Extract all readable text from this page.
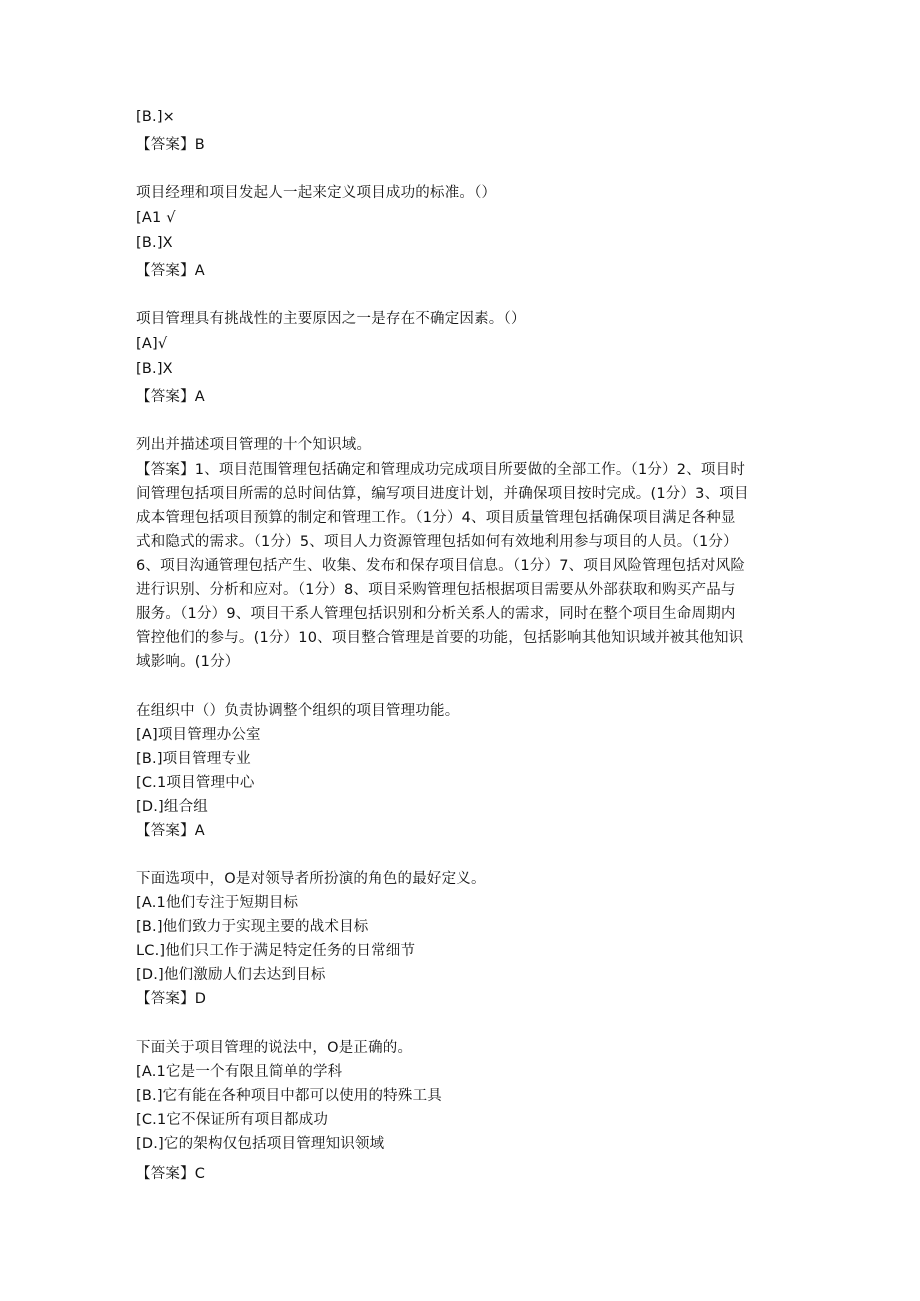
[B.]×
【答案】B
项目经理和项目发起人一起来定义项目成功的标准。（）
[A1 √
[B.]X
【答案】A
项目管理具有挑战性的主要原因之一是存在不确定因素。（）
[A]√
[B.]X
【答案】A
列出并描述项目管理的十个知识域。
【答案】1、项目范围管理包括确定和管理成功完成项目所要做的全部工作。（1分）2、项目时
间管理包括项目所需的总时间估算，编写项目进度计划，并确保项目按时完成。(1分）3、项目
成本管理包括项目预算的制定和管理工作。（1分）4、项目质量管理包括确保项目满足各种显
式和隐式的需求。（1分）5、项目人力资源管理包括如何有效地利用参与项目的人员。（1分）
6、项目沟通管理包括产生、收集、发布和保存项目信息。（1分）7、项目风险管理包括对风险
进行识别、分析和应对。（1分）8、项目采购管理包括根据项目需要从外部获取和购买产品与
服务。（1分）9、项目干系人管理包括识别和分析关系人的需求，同时在整个项目生命周期内
管控他们的参与。(1分）10、项目整合管理是首要的功能，包括影响其他知识域并被其他知识
域影响。(1分）
在组织中（）负责协调整个组织的项目管理功能。
[A]项目管理办公室
[B.]项目管理专业
[C.1项目管理中心
[D.]组合组
【答案】A
下面选项中，O是对领导者所扮演的角色的最好定义。
[A.1他们专注于短期目标
[B.]他们致力于实现主要的战术目标
LC.]他们只工作于满足特定任务的日常细节
[D.]他们激励人们去达到目标
【答案】D
下面关于项目管理的说法中，O是正确的。
[A.1它是一个有限且简单的学科
[B.]它有能在各种项目中都可以使用的特殊工具
[C.1它不保证所有项目都成功
[D.]它的架构仅包括项目管理知识领域
【答案】C
